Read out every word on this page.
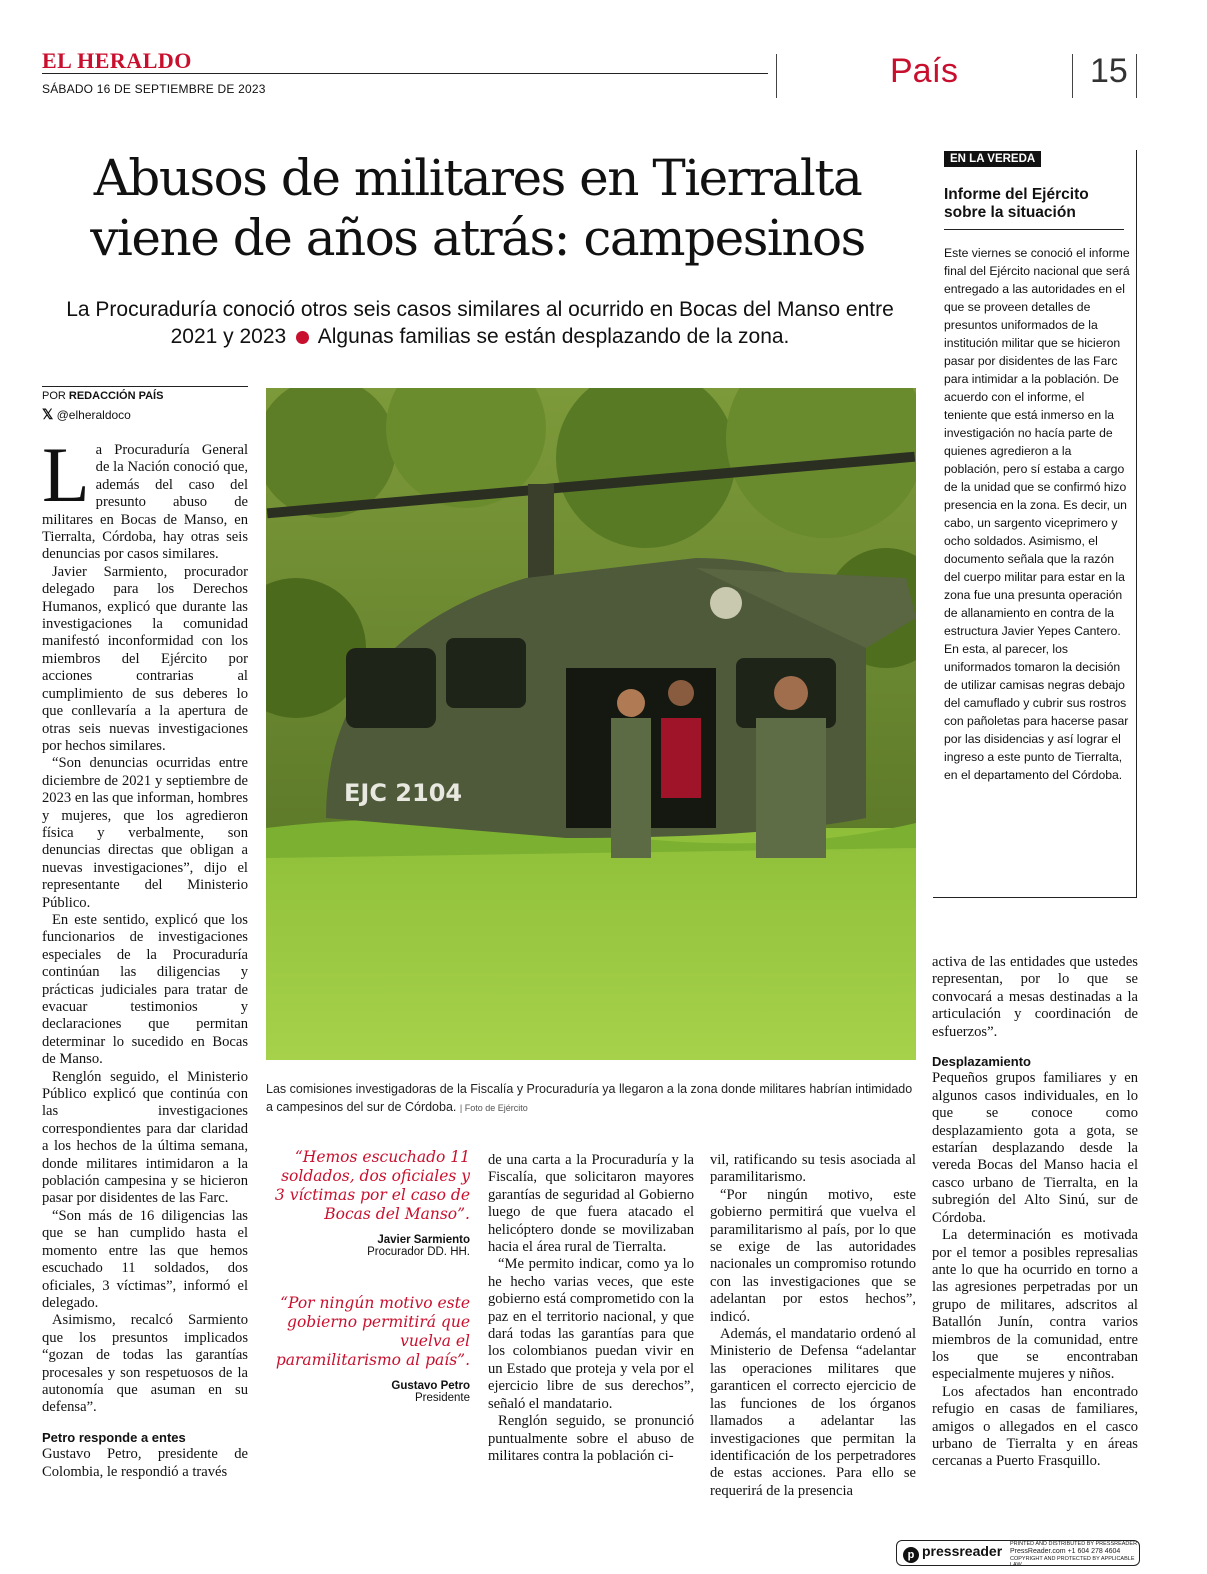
EL HERALDO
SÁBADO 16 DE SEPTIEMBRE DE 2023	País	15
Abusos de militares en Tierralta
viene de años atrás: campesinos
La Procuraduría conoció otros seis casos similares al ocurrido en Bocas del Manso entre 2021 y 2023 Algunas familias se están desplazando de la zona.
POR REDACCIÓN PAÍS
𝕏 @elheraldoco
L a Procuraduría General de la Nación conoció que, además del caso del presunto abuso de militares en Bocas de Manso, en Tierralta, Córdoba, hay otras seis denuncias por casos similares.

Javier Sarmiento, procurador delegado para los Derechos Humanos, explicó que durante las investigaciones la comunidad manifestó inconformidad con los miembros del Ejército por acciones contrarias al cumplimiento de sus deberes lo que conllevaría a la apertura de otras seis nuevas investigaciones por hechos similares.

“Son denuncias ocurridas entre diciembre de 2021 y septiembre de 2023 en las que informan, hombres y mujeres, que los agredieron física y verbalmente, son denuncias directas que obligan a nuevas investigaciones”, dijo el representante del Ministerio Público.

En este sentido, explicó que los funcionarios de investigaciones especiales de la Procuraduría continúan las diligencias y prácticas judiciales para tratar de evacuar testimonios y declaraciones que permitan determinar lo sucedido en Bocas de Manso.

Renglón seguido, el Ministerio Público explicó que continúa con las investigaciones correspondientes para dar claridad a los hechos de la última semana, donde militares intimidaron a la población campesina y se hicieron pasar por disidentes de las Farc.

“Son más de 16 diligencias las que se han cumplido hasta el momento entre las que hemos escuchado 11 soldados, dos oficiales, 3 víctimas”, informó el delegado.

Asimismo, recalcó Sarmiento que los presuntos implicados “gozan de todas las garantías procesales y son respetuosos de la autonomía que asuman en su defensa”.

Petro responde a entes

Gustavo Petro, presidente de Colombia, le respondió a través

EJC 2104
Las comisiones investigadoras de la Fiscalía y Procuraduría ya llegaron a la zona donde militares habrían intimidado a campesinos del sur de Córdoba. | Foto de Ejército
“Hemos escuchado 11 soldados, dos oficiales y 3 víctimas por el caso de Bocas del Manso”.
Javier Sarmiento
Procurador DD. HH.
“Por ningún motivo este gobierno permitirá que vuelva el paramilitarismo al país”.
Gustavo Petro
Presidente

de una carta a la Procuraduría y la Fiscalía, que solicitaron mayores garantías de seguridad al Gobierno luego de que fuera atacado el helicóptero donde se movilizaban hacia el área rural de Tierralta.

“Me permito indicar, como ya lo he hecho varias veces, que este gobierno está comprometido con la paz en el territorio nacional, y que dará todas las garantías para que los colombianos puedan vivir en un Estado que proteja y vela por el ejercicio libre de sus derechos”, señaló el mandatario.

Renglón seguido, se pronunció puntualmente sobre el abuso de militares contra la población ci-

vil, ratificando su tesis asociada al paramilitarismo.

“Por ningún motivo, este gobierno permitirá que vuelva el paramilitarismo al país, por lo que se exige de las autoridades nacionales un compromiso rotundo con las investigaciones que se adelantan por estos hechos”, indicó.

Además, el mandatario ordenó al Ministerio de Defensa “adelantar las operaciones militares que garanticen el correcto ejercicio de las funciones de los órganos llamados a adelantar las investigaciones que permitan la identificación de los perpetradores de estas acciones. Para ello se requerirá de la presencia

activa de las entidades que ustedes representan, por lo que se convocará a mesas destinadas a la articulación y coordinación de esfuerzos”.

Desplazamiento

Pequeños grupos familiares y en algunos casos individuales, en lo que se conoce como desplazamiento gota a gota, se estarían desplazando desde la vereda Bocas del Manso hacia el casco urbano de Tierralta, en la subregión del Alto Sinú, sur de Córdoba.

La determinación es motivada por el temor a posibles represalias ante lo que ha ocurrido en torno a las agresiones perpetradas por un grupo de militares, adscritos al Batallón Junín, contra varios miembros de la comunidad, entre los que se encontraban especialmente mujeres y niños.

Los afectados han encontrado refugio en casas de familiares, amigos o allegados en el casco urbano de Tierralta y en áreas cercanas a Puerto Frasquillo.

EN LA VEREDA
Informe del Ejército sobre la situación
Este viernes se conoció el informe final del Ejército nacional que será entregado a las autoridades en el que se proveen detalles de presuntos uniformados de la institución militar que se hicieron pasar por disidentes de las Farc para intimidar a la población. De acuerdo con el informe, el teniente que está inmerso en la investigación no hacía parte de quienes agredieron a la población, pero sí estaba a cargo de la unidad que se confirmó hizo presencia en la zona. Es decir, un cabo, un sargento viceprimero y ocho soldados. Asimismo, el documento señala que la razón del cuerpo militar para estar en la zona fue una presunta operación de allanamiento en contra de la estructura Javier Yepes Cantero. En esta, al parecer, los uniformados tomaron la decisión de utilizar camisas negras debajo del camuflado y cubrir sus rostros con pañoletas para hacerse pasar por las disidencias y así lograr el ingreso a este punto de Tierralta, en el departamento del Córdoba.
p pressreader PRINTED AND DISTRIBUTED BY PRESSREADER
PressReader.com +1 604 278 4604
COPYRIGHT AND PROTECTED BY APPLICABLE LAW
